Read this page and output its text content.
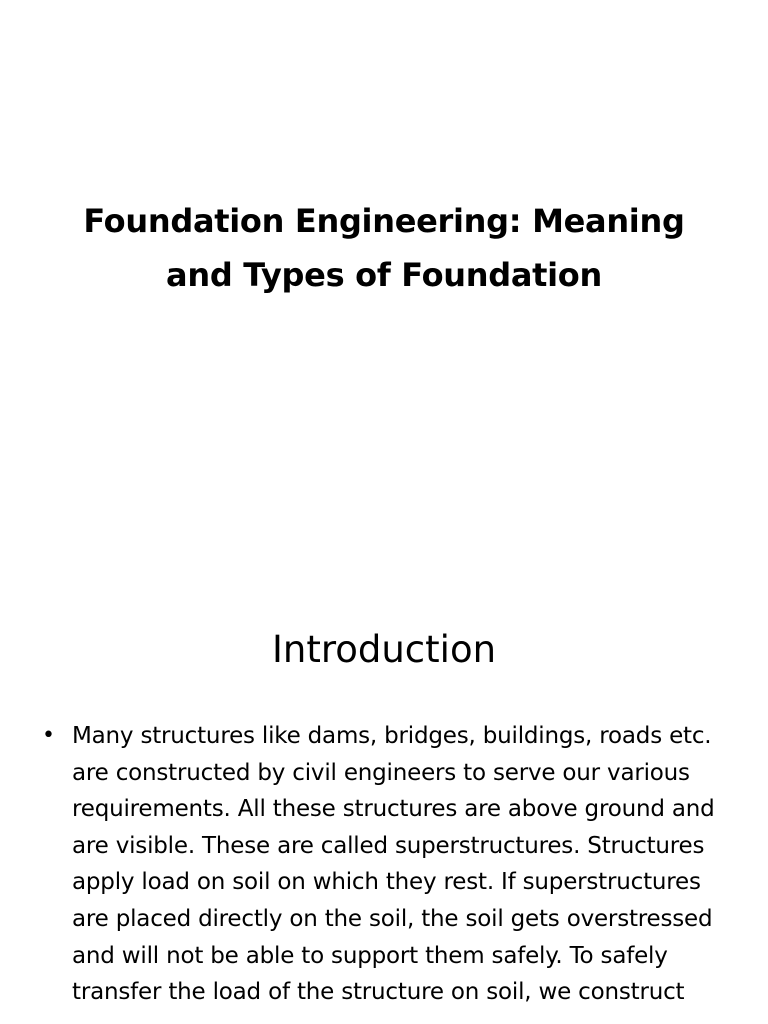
Foundation Engineering: Meaning
and Types of Foundation
Introduction
• Many structures like dams, bridges, buildings, roads etc. are constructed by civil engineers to serve our various requirements. All these structures are above ground and are visible. These are called superstructures. Structures apply load on soil on which they rest. If superstructures are placed directly on the soil, the soil gets overstressed and will not be able to support them safely. To safely transfer the load of the structure on soil, we construct
